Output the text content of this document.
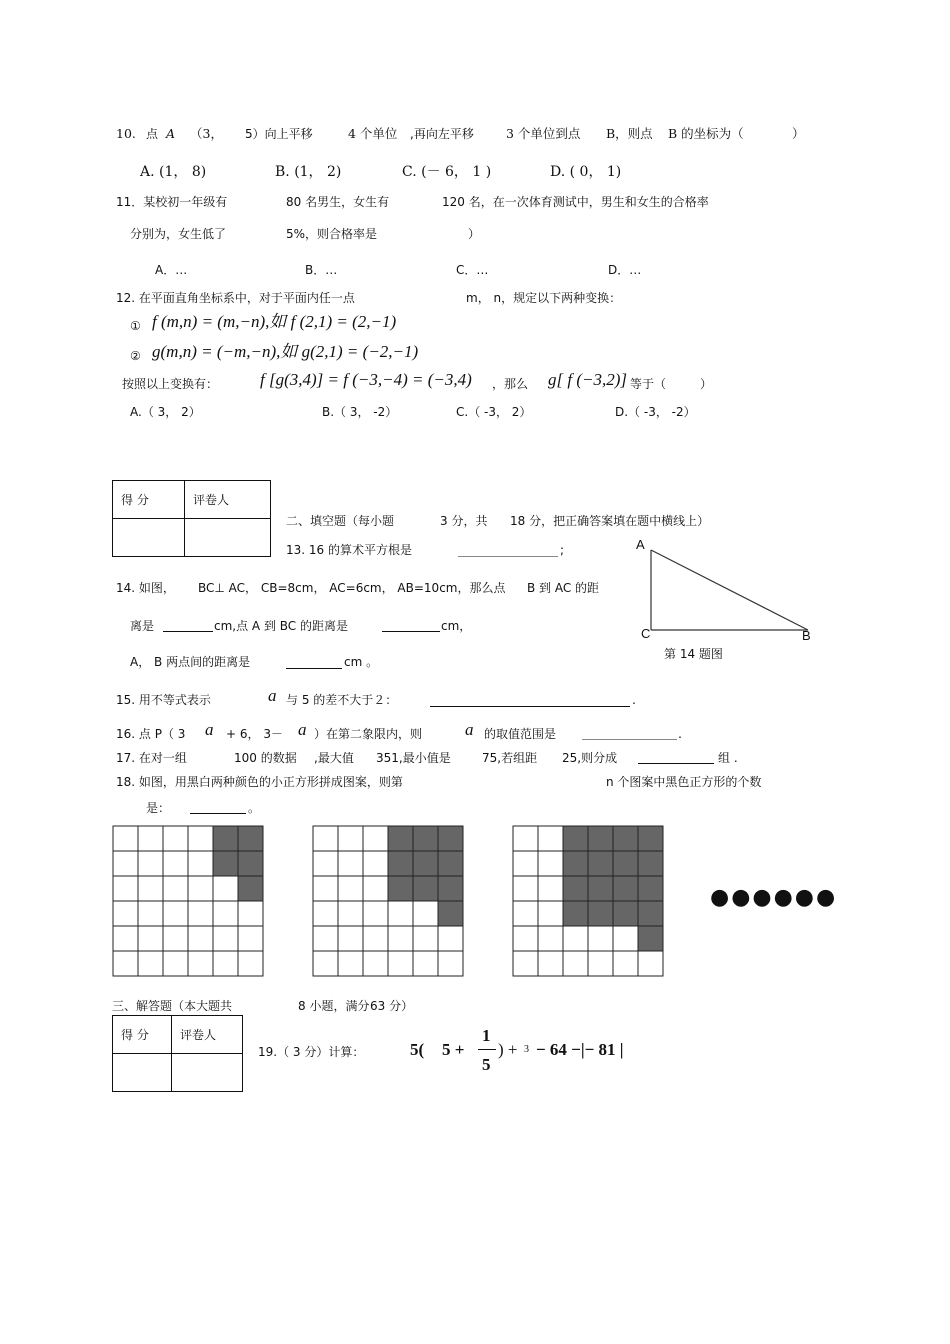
10. 点 A （3， 5）向上平移	4 个单位 ,再向左平移	3 个单位到点 B，则点 B 的坐标为（	）
A. (1， 8)	B. (1， 2)	C. (－ 6， 1 )	D. ( 0， 1)
11．某校初一年级有	80 名男生，女生有	120 名，在一次体育测试中，男生和女生的合格率
分别为，女生低了	5%，则合格率是	）
A．…	B．…	C．…	D．…
12. 在平面直角坐标系中，对于平面内任一点	m， n，规定以下两种变换：
① f (m,n) = (m,−n),如 f (2,1) = (2,−1)
② g(m,n) = (−m,−n),如 g(2,1) = (−2,−1)
按照以上变换有： f [g(3,4)] = f (−3,−4) = (−3,4) ，那么 g[ f (−3,2)] 等于（	）
A.（ 3， 2）	B.（ 3， -2）	C.（ -3， 2）	D.（ -3， -2）
得 分	评卷人

二、填空题（每小题	3 分，共 18 分，把正确答案填在题中横线上）
13. 16 的算术平方根是	;	A
C	B
第 14 题图
14. 如图， BC⊥ AC， CB=8cm， AC=6cm， AB=10cm，那么点 B 到 AC 的距
离是	cm,点 A 到 BC 的距离是	cm，
A， B 两点间的距离是	cm 。
15. 用不等式表示	a 与 5 的差不大于２：	.
16. 点 P（ 3 a + 6， 3－ a ）在第二象限内，则	a 的取值范围是	.
17. 在对一组	100 的数据 ,最大值 351,最小值是	75,若组距 25,则分成	组 .
18. 如图，用黑白两种颜色的小正方形拼成图案，则第	n 个图案中黑色正方形的个数
是：	。
●●●●●●
三、解答题（本大题共	8 小题，满分 63 分）
得 分	评卷人

19.（ 3 分）计算：	5( 5 +
1
5
) + 3 − 64 −|− 81 |
